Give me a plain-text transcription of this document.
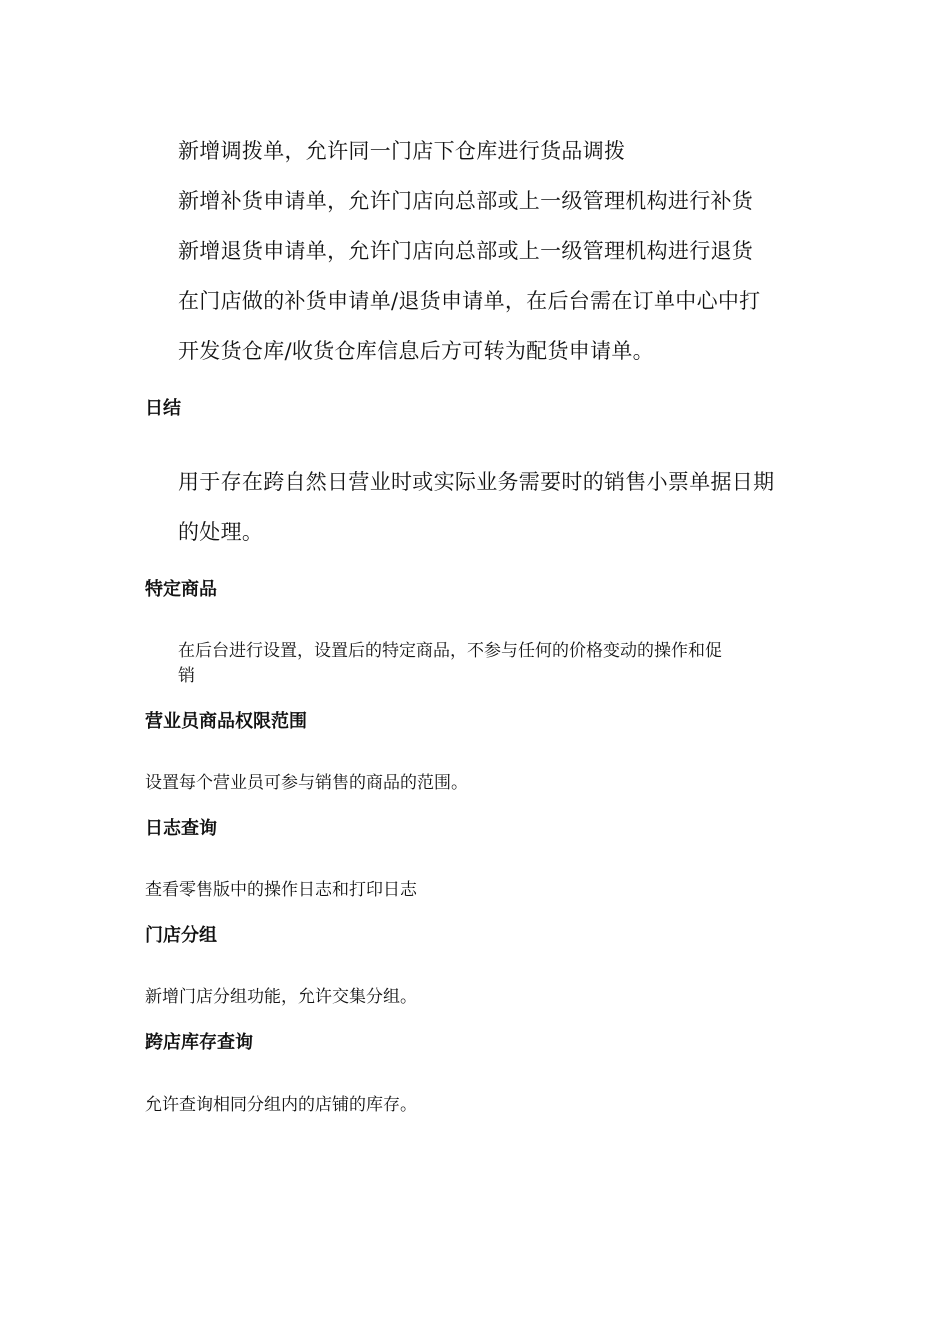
新增调拨单，允许同一门店下仓库进行货品调拨
新增补货申请单，允许门店向总部或上一级管理机构进行补货
新增退货申请单，允许门店向总部或上一级管理机构进行退货
在门店做的补货申请单/退货申请单，在后台需在订单中心中打
开发货仓库/收货仓库信息后方可转为配货申请单。
日结
用于存在跨自然日营业时或实际业务需要时的销售小票单据日期
的处理。
特定商品
在后台进行设置，设置后的特定商品，不参与任何的价格变动的操作和促
销
营业员商品权限范围
设置每个营业员可参与销售的商品的范围。
日志查询
查看零售版中的操作日志和打印日志
门店分组
新增门店分组功能，允许交集分组。
跨店库存查询
允许查询相同分组内的店铺的库存。
